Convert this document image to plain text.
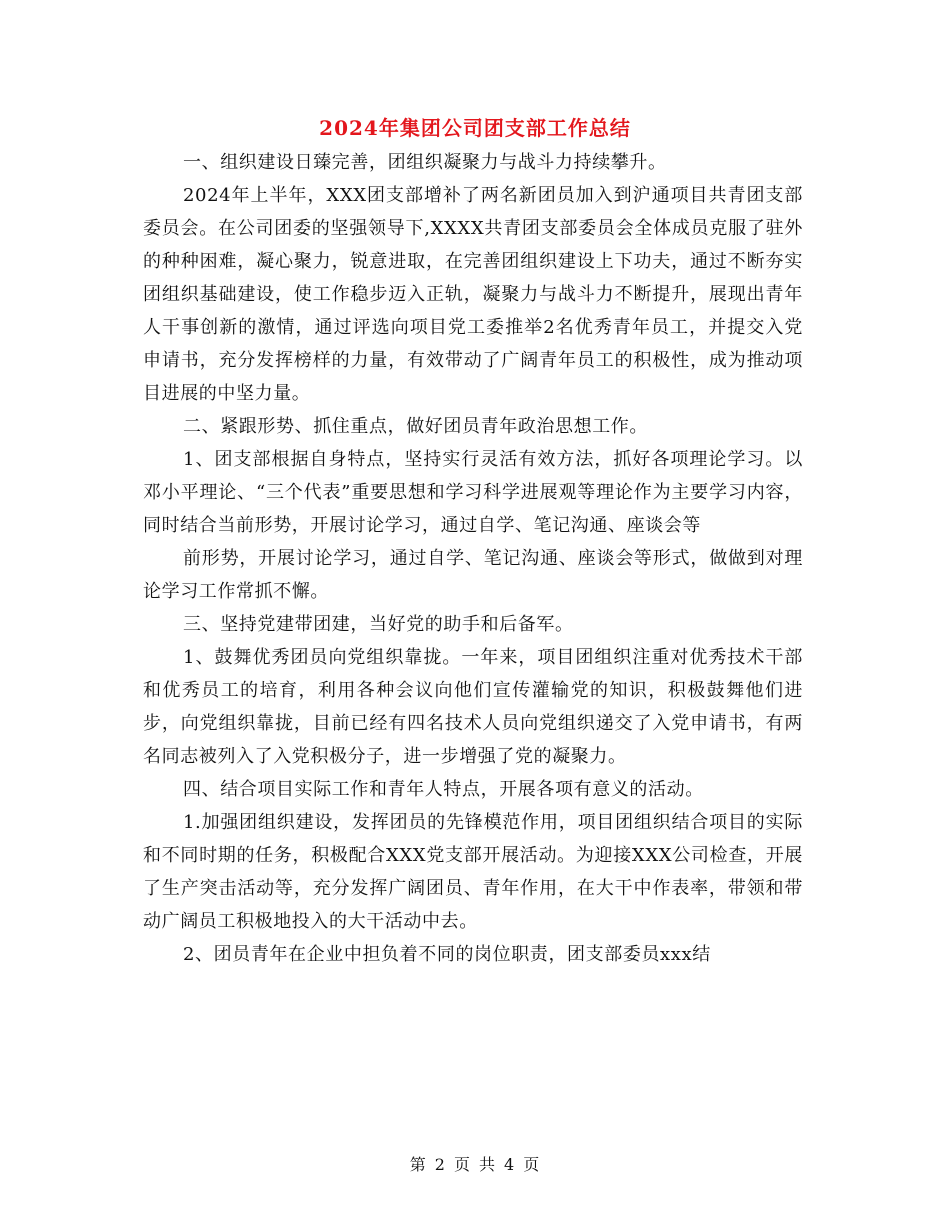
2024年集团公司团支部工作总结

一、组织建设日臻完善，团组织凝聚力与战斗力持续攀升。

2024年上半年，XXX团支部增补了两名新团员加入到沪通项目共青团支部委员会。在公司团委的坚强领导下,XXXX共青团支部委员会全体成员克服了驻外的种种困难，凝心聚力，锐意进取，在完善团组织建设上下功夫，通过不断夯实团组织基础建设，使工作稳步迈入正轨，凝聚力与战斗力不断提升，展现出青年人干事创新的激情，通过评选向项目党工委推举2名优秀青年员工，并提交入党申请书，充分发挥榜样的力量，有效带动了广阔青年员工的积极性，成为推动项目进展的中坚力量。

二、紧跟形势、抓住重点，做好团员青年政治思想工作。

1、团支部根据自身特点，坚持实行灵活有效方法，抓好各项理论学习。以邓小平理论、“三个代表”重要思想和学习科学进展观等理论作为主要学习内容，同时结合当前形势，开展讨论学习，通过自学、笔记沟通、座谈会等

前形势，开展讨论学习，通过自学、笔记沟通、座谈会等形式，做做到对理论学习工作常抓不懈。

三、坚持党建带团建，当好党的助手和后备军。

1、鼓舞优秀团员向党组织靠拢。一年来，项目团组织注重对优秀技术干部和优秀员工的培育，利用各种会议向他们宣传灌输党的知识，积极鼓舞他们进步，向党组织靠拢，目前已经有四名技术人员向党组织递交了入党申请书，有两名同志被列入了入党积极分子，进一步增强了党的凝聚力。

四、结合项目实际工作和青年人特点，开展各项有意义的活动。

1.加强团组织建设，发挥团员的先锋模范作用，项目团组织结合项目的实际和不同时期的任务，积极配合XXX党支部开展活动。为迎接XXX公司检查，开展了生产突击活动等，充分发挥广阔团员、青年作用，在大干中作表率，带领和带动广阔员工积极地投入的大干活动中去。

2、团员青年在企业中担负着不同的岗位职责，团支部委员xxx结

第 2 页 共 4 页
